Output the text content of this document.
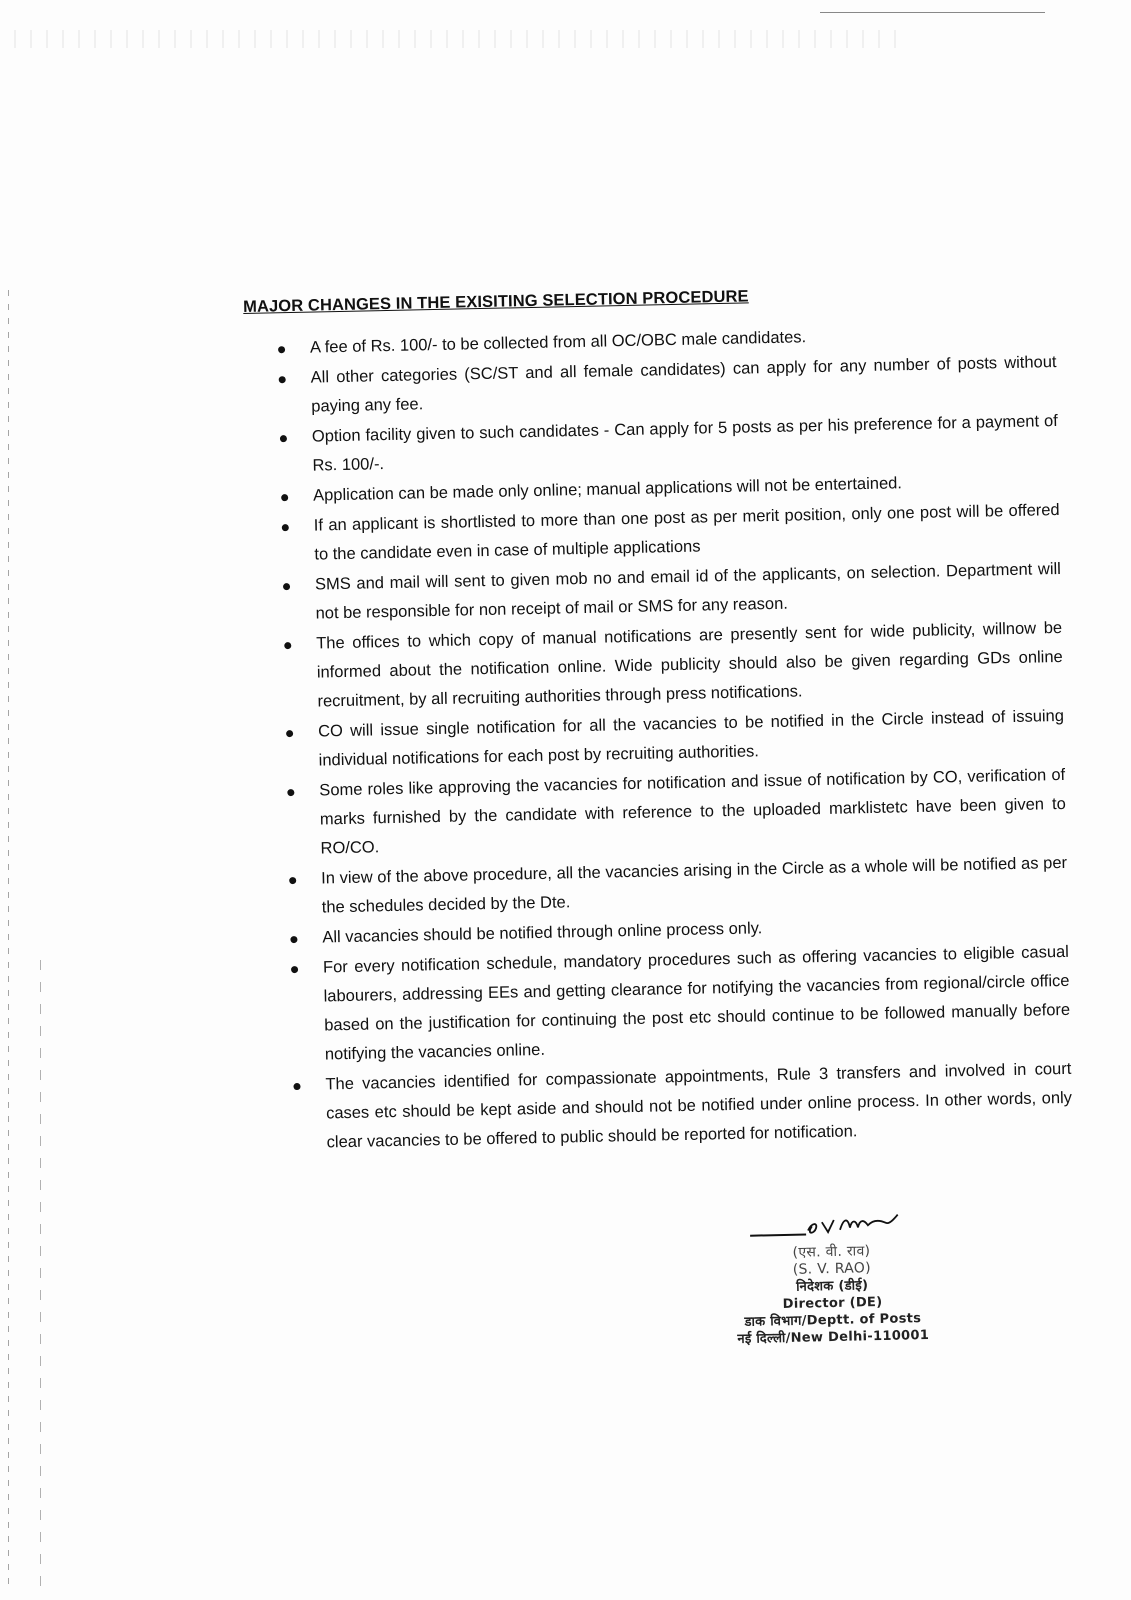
MAJOR CHANGES IN THE EXISITING SELECTION PROCEDURE
A fee of Rs. 100/- to be collected from all OC/OBC male candidates.
All other categories (SC/ST and all female candidates) can apply for any number of posts without paying any fee.
Option facility given to such candidates - Can apply for 5 posts as per his preference for a payment of Rs. 100/-.
Application can be made only online; manual applications will not be entertained.
If an applicant is shortlisted to more than one post as per merit position, only one post will be offered to the candidate even in case of multiple applications
SMS and mail will sent to given mob no and email id of the applicants, on selection. Department will not be responsible for non receipt of mail or SMS for any reason.
The offices to which copy of manual notifications are presently sent for wide publicity, willnow be informed about the notification online. Wide publicity should also be given regarding GDs online recruitment, by all recruiting authorities through press notifications.
CO will issue single notification for all the vacancies to be notified in the Circle instead of issuing individual notifications for each post by recruiting authorities.
Some roles like approving the vacancies for notification and issue of notification by CO, verification of marks furnished by the candidate with reference to the uploaded marklistetc have been given to RO/CO.
In view of the above procedure, all the vacancies arising in the Circle as a whole will be notified as per the schedules decided by the Dte.
All vacancies should be notified through online process only.
For every notification schedule, mandatory procedures such as offering vacancies to eligible casual labourers, addressing EEs and getting clearance for notifying the vacancies from regional/circle office based on the justification for continuing the post etc should continue to be followed manually before notifying the vacancies online.
The vacancies identified for compassionate appointments, Rule 3 transfers and involved in court cases etc should be kept aside and should not be notified under online process. In other words, only clear vacancies to be offered to public should be reported for notification.
(एस. वी. राव)
(S. V. RAO)
निदेशक (डीई)
Director (DE)
डाक विभाग/Deptt. of Posts
नई दिल्ली/New Delhi-110001
